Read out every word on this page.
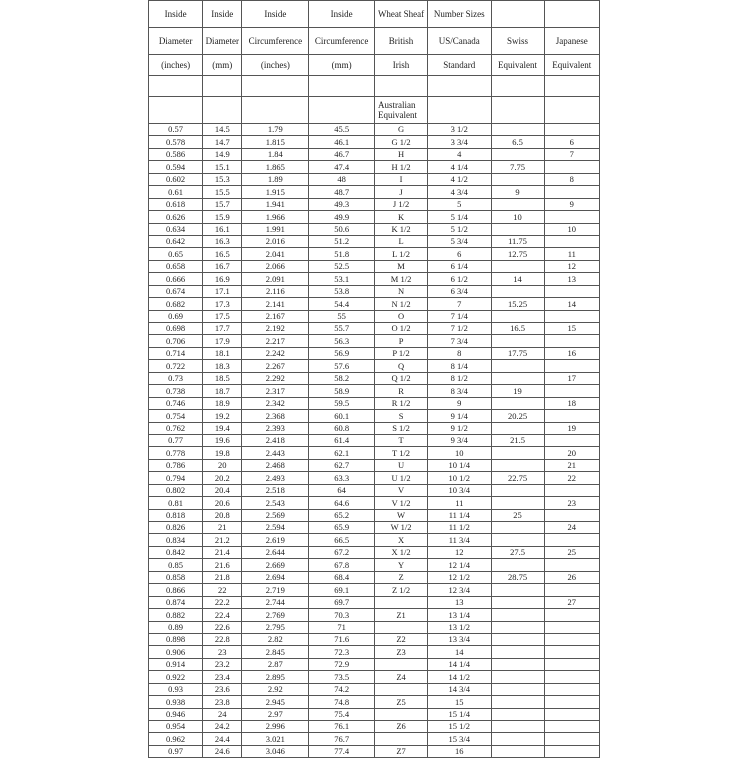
Inside	Inside	Inside	Inside	Wheat Sheaf	Number Sizes		
Diameter	Diameter	Circumference	Circumference	British	US/Canada	Swiss	Japanese
(inches)	(mm)	(inches)	(mm)	Irish	Standard	Equivalent	Equivalent

				Australian Equivalent			
0.57	14.5	1.79	45.5	G	3 1/2		
0.578	14.7	1.815	46.1	G 1/2	3 3/4	6.5	6
0.586	14.9	1.84	46.7	H	4		7
0.594	15.1	1.865	47.4	H 1/2	4 1/4	7.75	
0.602	15.3	1.89	48	I	4 1/2		8
0.61	15.5	1.915	48.7	J	4 3/4	9	
0.618	15.7	1.941	49.3	J 1/2	5		9
0.626	15.9	1.966	49.9	K	5 1/4	10	
0.634	16.1	1.991	50.6	K 1/2	5 1/2		10
0.642	16.3	2.016	51.2	L	5 3/4	11.75	
0.65	16.5	2.041	51.8	L 1/2	6	12.75	11
0.658	16.7	2.066	52.5	M	6 1/4		12
0.666	16.9	2.091	53.1	M 1/2	6 1/2	14	13
0.674	17.1	2.116	53.8	N	6 3/4		
0.682	17.3	2.141	54.4	N 1/2	7	15.25	14
0.69	17.5	2.167	55	O	7 1/4		
0.698	17.7	2.192	55.7	O 1/2	7 1/2	16.5	15
0.706	17.9	2.217	56.3	P	7 3/4		
0.714	18.1	2.242	56.9	P 1/2	8	17.75	16
0.722	18.3	2.267	57.6	Q	8 1/4		
0.73	18.5	2.292	58.2	Q 1/2	8 1/2		17
0.738	18.7	2.317	58.9	R	8 3/4	19	
0.746	18.9	2.342	59.5	R 1/2	9		18
0.754	19.2	2.368	60.1	S	9 1/4	20.25	
0.762	19.4	2.393	60.8	S 1/2	9 1/2		19
0.77	19.6	2.418	61.4	T	9 3/4	21.5	
0.778	19.8	2.443	62.1	T 1/2	10		20
0.786	20	2.468	62.7	U	10 1/4		21
0.794	20.2	2.493	63.3	U 1/2	10 1/2	22.75	22
0.802	20.4	2.518	64	V	10 3/4		
0.81	20.6	2.543	64.6	V 1/2	11		23
0.818	20.8	2.569	65.2	W	11 1/4	25	
0.826	21	2.594	65.9	W 1/2	11 1/2		24
0.834	21.2	2.619	66.5	X	11 3/4		
0.842	21.4	2.644	67.2	X 1/2	12	27.5	25
0.85	21.6	2.669	67.8	Y	12 1/4		
0.858	21.8	2.694	68.4	Z	12 1/2	28.75	26
0.866	22	2.719	69.1	Z 1/2	12 3/4		
0.874	22.2	2.744	69.7		13		27
0.882	22.4	2.769	70.3	Z1	13 1/4		
0.89	22.6	2.795	71		13 1/2		
0.898	22.8	2.82	71.6	Z2	13 3/4		
0.906	23	2.845	72.3	Z3	14		
0.914	23.2	2.87	72.9		14 1/4		
0.922	23.4	2.895	73.5	Z4	14 1/2		
0.93	23.6	2.92	74.2		14 3/4		
0.938	23.8	2.945	74.8	Z5	15		
0.946	24	2.97	75.4		15 1/4		
0.954	24.2	2.996	76.1	Z6	15 1/2		
0.962	24.4	3.021	76.7		15 3/4		
0.97	24.6	3.046	77.4	Z7	16		
